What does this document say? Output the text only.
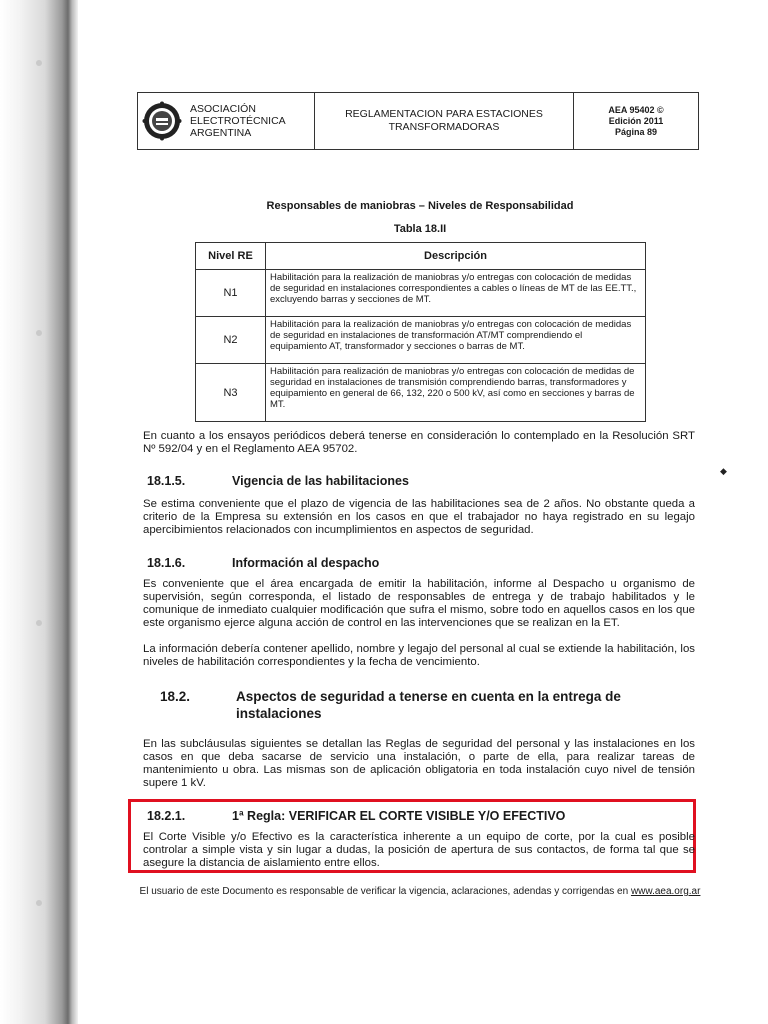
ASOCIACIÓN
ELECTROTÉCNICA
ARGENTINA
REGLAMENTACION PARA ESTACIONES
TRANSFORMADORAS
AEA 95402 ©
Edición 2011
Página 89
Responsables de maniobras – Niveles de Responsabilidad
Tabla 18.II
Nivel RE	Descripción
N1	Habilitación para la realización de maniobras y/o entregas con colocación de medidas de seguridad en instalaciones correspondientes a cables o líneas de MT de las EE.TT., excluyendo barras y secciones de MT.
N2	Habilitación para la realización de maniobras y/o entregas con colocación de medidas de seguridad en instalaciones de transformación AT/MT comprendiendo el equipamiento AT, transformador y secciones o barras de MT.
N3	Habilitación para realización de maniobras y/o entregas con colocación de medidas de seguridad en instalaciones de transmisión comprendiendo barras, transformadores y equipamiento en general de 66, 132, 220 o 500 kV, así como en secciones y barras de MT.
En cuanto a los ensayos periódicos deberá tenerse en consideración lo contemplado en la Resolución SRT Nº 592/04 y en el Reglamento AEA 95702.
18.1.5.	Vigencia de las habilitaciones
Se estima conveniente que el plazo de vigencia de las habilitaciones sea de 2 años. No obstante queda a criterio de la Empresa su extensión en los casos en que el trabajador no haya registrado en su legajo apercibimientos relacionados con incumplimientos en aspectos de seguridad.
18.1.6.	Información al despacho
Es conveniente que el área encargada de emitir la habilitación, informe al Despacho u organismo de supervisión, según corresponda, el listado de responsables de entrega y de trabajo habilitados y le comunique de inmediato cualquier modificación que sufra el mismo, sobre todo en aquellos casos en los que este organismo ejerce alguna acción de control en las intervenciones que se realizan en la ET.
La información debería contener apellido, nombre y legajo del personal al cual se extiende la habilitación, los niveles de habilitación correspondientes y la fecha de vencimiento.
18.2.	Aspectos de seguridad a tenerse en cuenta en la entrega de instalaciones
En las subcláusulas siguientes se detallan las Reglas de seguridad del personal y las instalaciones en los casos en que deba sacarse de servicio una instalación, o parte de ella, para realizar tareas de mantenimiento u obra. Las mismas son de aplicación obligatoria en toda instalación cuyo nivel de tensión supere 1 kV.
18.2.1.	1ª Regla: VERIFICAR EL CORTE VISIBLE Y/O EFECTIVO
El Corte Visible y/o Efectivo es la característica inherente a un equipo de corte, por la cual es posible controlar a simple vista y sin lugar a dudas, la posición de apertura de sus contactos, de forma tal que se asegure la distancia de aislamiento entre ellos.
El usuario de este Documento es responsable de verificar la vigencia, aclaraciones, adendas y corrigendas en www.aea.org.ar
◆
